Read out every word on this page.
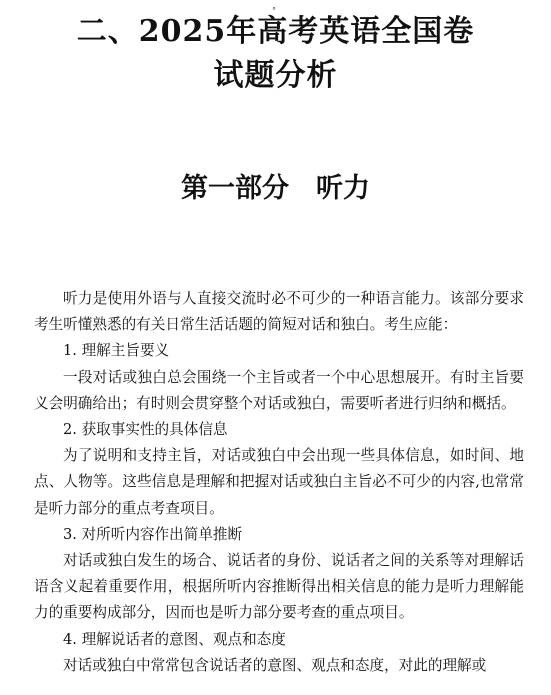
°
二、2025年高考英语全国卷
试题分析
第一部分　听力

听力是使用外语与人直接交流时必不可少的一种语言能力。该部分要求考生听懂熟悉的有关日常生活话题的简短对话和独白。考生应能：

1. 理解主旨要义

一段对话或独白总会围绕一个主旨或者一个中心思想展开。有时主旨要义会明确给出；有时则会贯穿整个对话或独白，需要听者进行归纳和概括。

2. 获取事实性的具体信息

为了说明和支持主旨，对话或独白中会出现一些具体信息，如时间、地点、人物等。这些信息是理解和把握对话或独白主旨必不可少的内容,也常常是听力部分的重点考查项目。

3. 对所听内容作出简单推断

对话或独白发生的场合、说话者的身份、说话者之间的关系等对理解话语含义起着重要作用，根据所听内容推断得出相关信息的能力是听力理解能力的重要构成部分，因而也是听力部分要考查的重点项目。

4. 理解说话者的意图、观点和态度

对话或独白中常常包含说话者的意图、观点和态度，对此的理解或
